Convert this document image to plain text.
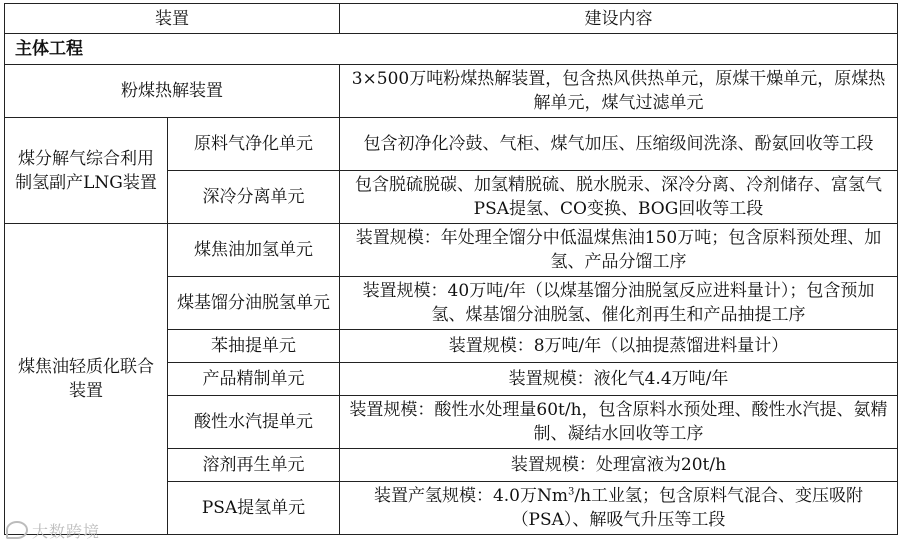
装置		建设内容
主体工程		
粉煤热解装置		3×500万吨粉煤热解装置，包含热风供热单元，原煤干燥单元，原煤热解单元，煤气过滤单元
煤分解气综合利用制氢副产LNG装置	原料气净化单元	包含初净化冷鼓、气柜、煤气加压、压缩级间洗涤、酚氨回收等工段
	深冷分离单元	包含脱硫脱碳、加氢精脱硫、脱水脱汞、深冷分离、冷剂储存、富氢气PSA提氢、CO变换、BOG回收等工段
煤焦油轻质化联合装置	煤焦油加氢单元	装置规模：年处理全馏分中低温煤焦油150万吨；包含原料预处理、加氢、产品分馏工序
	煤基馏分油脱氢单元	装置规模：40万吨/年（以煤基馏分油脱氢反应进料量计）；包含预加氢、煤基馏分油脱氢、催化剂再生和产品抽提工序
	苯抽提单元	装置规模：8万吨/年（以抽提蒸馏进料量计）
	产品精制单元	装置规模：液化气4.4万吨/年
	酸性水汽提单元	装置规模：酸性水处理量60t/h，包含原料水预处理、酸性水汽提、氨精制、凝结水回收等工序
	溶剂再生单元	装置规模：处理富液为20t/h
	PSA提氢单元	装置产氢规模：4.0万Nm$^3$/h工业氢；包含原料气混合、变压吸附（PSA）、解吸气升压等工段
大数跨境
